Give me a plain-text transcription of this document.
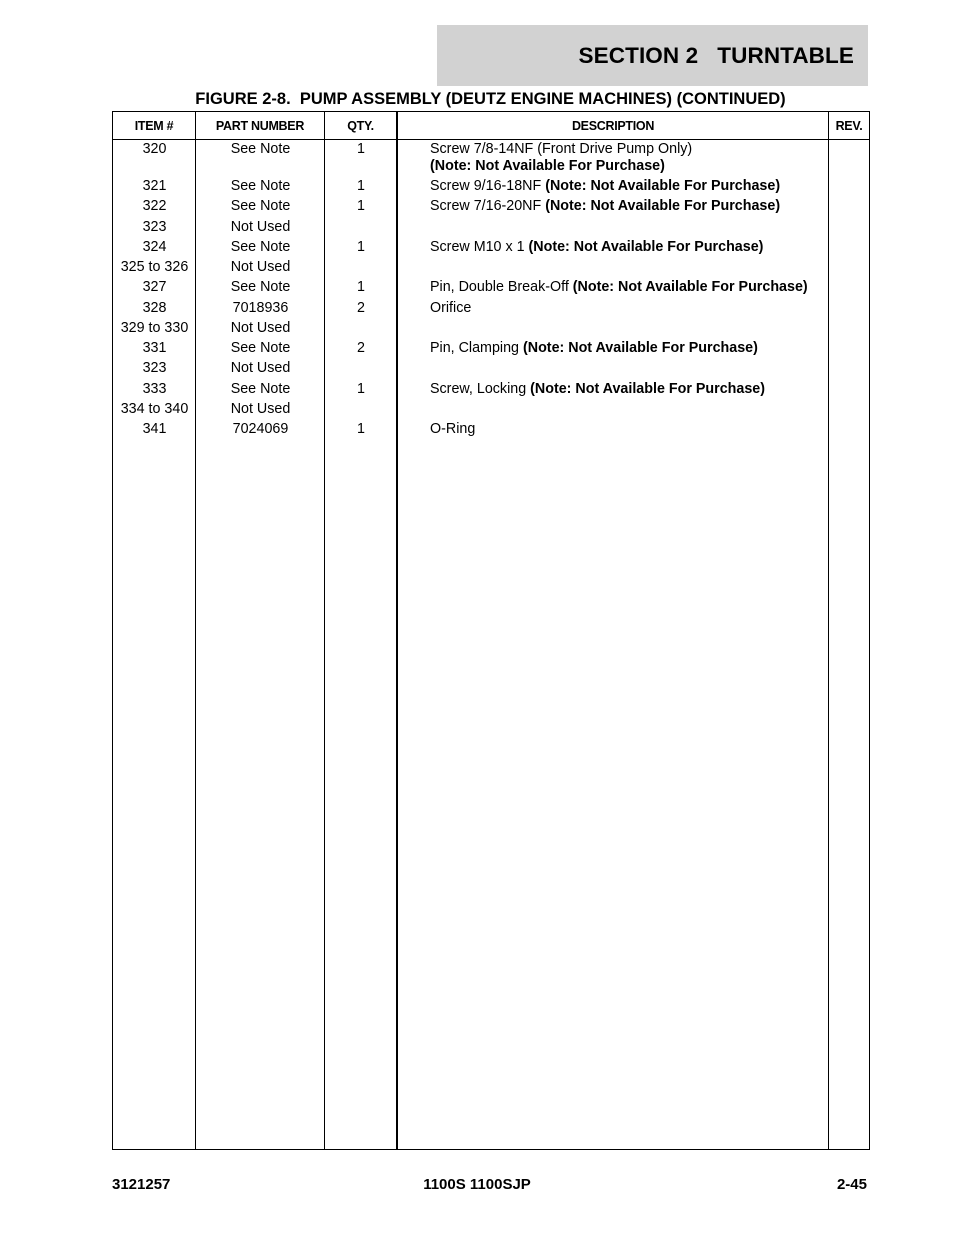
SECTION 2   TURNTABLE
FIGURE 2-8.  PUMP ASSEMBLY (DEUTZ ENGINE MACHINES) (CONTINUED)
ITEM #	PART NUMBER	QTY.	DESCRIPTION	REV.
320	See Note	1	Screw 7/8-14NF (Front Drive Pump Only)
(Note: Not Available For Purchase)
321	See Note	1	Screw 9/16-18NF (Note: Not Available For Purchase)
322	See Note	1	Screw 7/16-20NF (Note: Not Available For Purchase)
323	Not Used
324	See Note	1	Screw M10 x 1 (Note: Not Available For Purchase)
325 to 326	Not Used
327	See Note	1	Pin, Double Break-Off (Note: Not Available For Purchase)
328	7018936	2	Orifice
329 to 330	Not Used
331	See Note	2	Pin, Clamping (Note: Not Available For Purchase)
323	Not Used
333	See Note	1	Screw, Locking (Note: Not Available For Purchase)
334 to 340	Not Used
341	7024069	1	O-Ring
3121257	1100S 1100SJP	2-45
